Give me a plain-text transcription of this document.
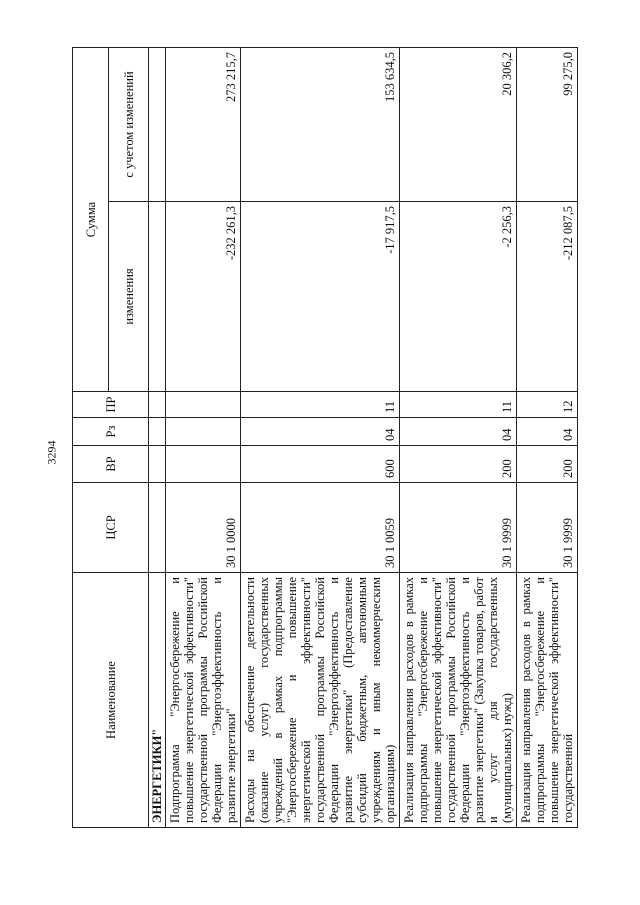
3294
Наименование	ЦСР	ВР	Рз	ПР	Сумма	
					изменения	с учетом изменений
ЭНЕРГЕТИКИ"						
Подпрограмма "Энергосбережение и повышение энергетической эффективности" государственной программы Российской Федерации "Энергоэффективность и развитие энергетики"	30 1 0000				-232 261,3	273 215,7
Расходы на обеспечение деятельности (оказание услуг) государственных учреждений в рамках подпрограммы "Энергосбережение и повышение энергетической эффективности" государственной программы Российской Федерации "Энергоэффективность и развитие энергетики" (Предоставление субсидий бюджетным, автономным учреждениям и иным некоммерческим организациям)	30 1 0059	600	04	11	-17 917,5	153 634,5
Реализация направления расходов в рамках подпрограммы "Энергосбережение и повышение энергетической эффективности" государственной программы Российской Федерации "Энергоэффективность и развитие энергетики" (Закупка товаров, работ и услуг для государственных (муниципальных) нужд)	30 1 9999	200	04	11	-2 256,3	20 306,2
Реализация направления расходов в рамках подпрограммы "Энергосбережение и повышение энергетической эффективности" государственной	30 1 9999	200	04	12	-212 087,5	99 275,0
